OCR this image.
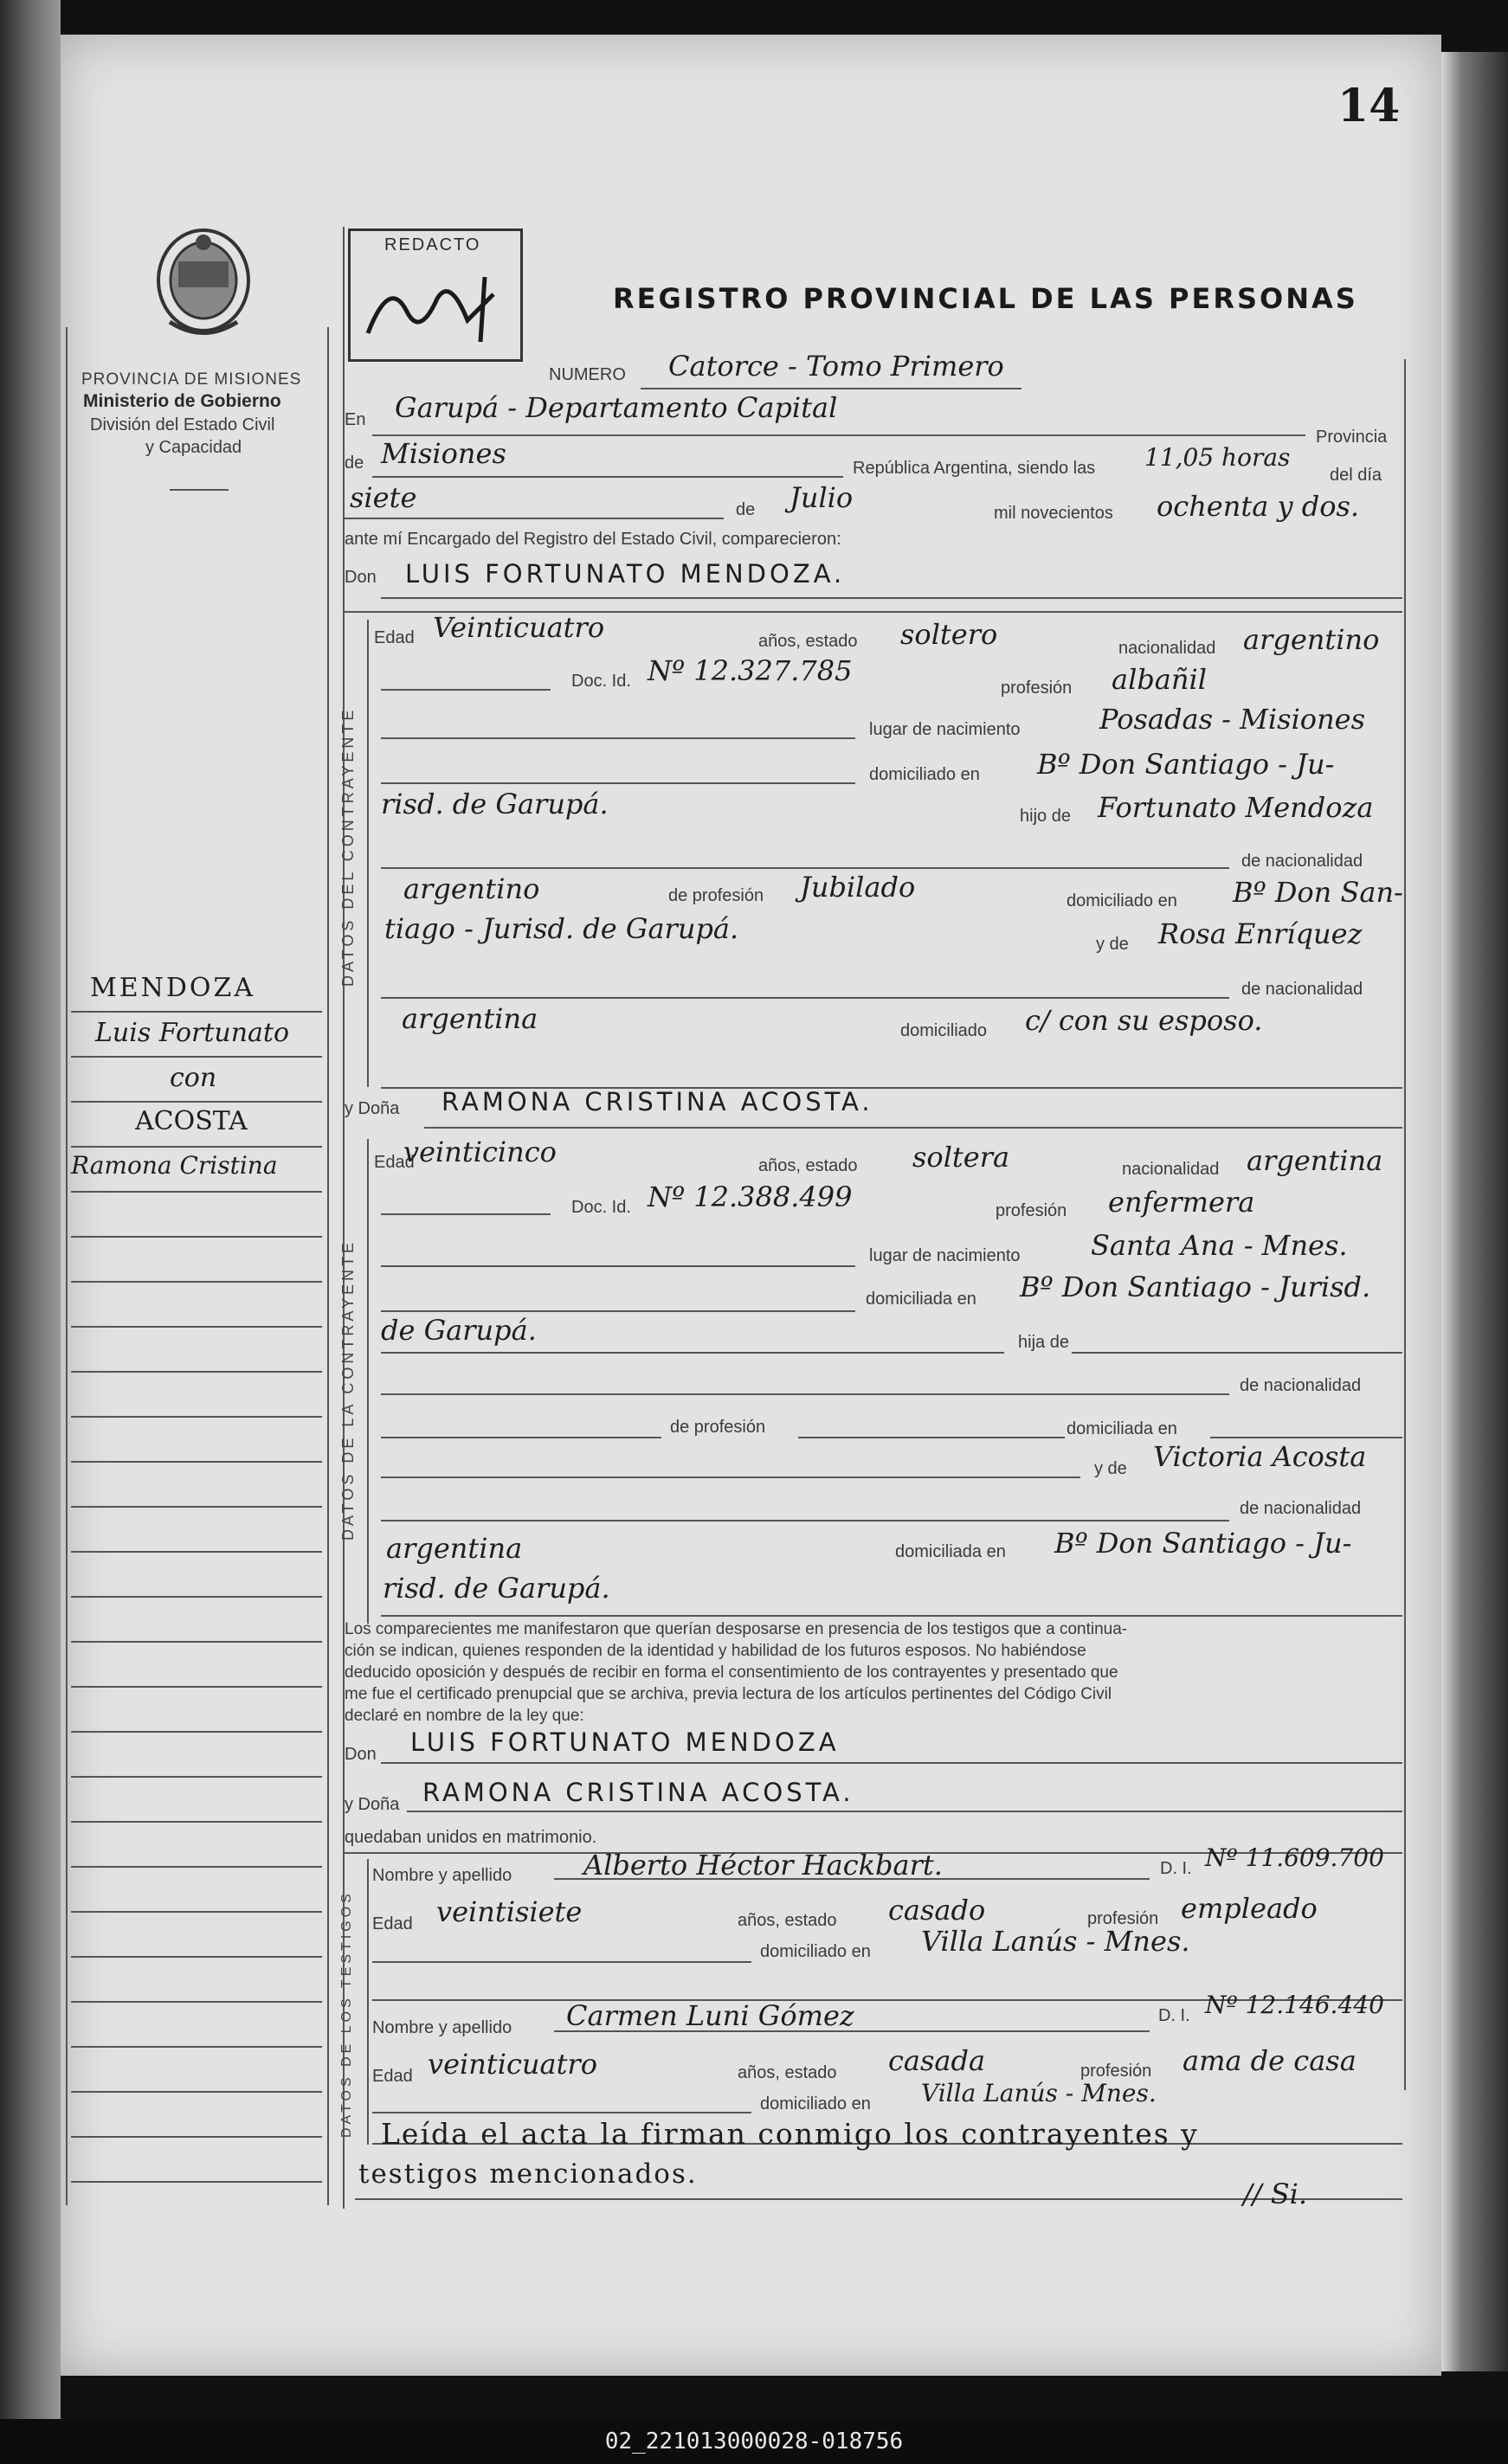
14
PROVINCIA DE MISIONES
Ministerio de Gobierno
División del Estado Civil
y Capacidad
REDACTO
REGISTRO PROVINCIAL DE LAS PERSONAS
MENDOZA
Luis Fortunato
con
ACOSTA
Ramona Cristina
NUMERO Catorce - Tomo Primero
En Garupá - Departamento Capital
Provincia
de Misiones	República Argentina, siendo las 11,05 horas
del día
siete	de Julio	mil novecientos ochenta y dos.
ante mí Encargado del Registro del Estado Civil, comparecieron:
Don LUIS FORTUNATO MENDOZA.
DATOS DEL CONTRAYENTE
Edad Veinticuatro	años, estado soltero	nacionalidad argentino
Doc. Id. Nº 12.327.785
profesión albañil
lugar de nacimiento	Posadas - Misiones
domiciliado en Bº Don Santiago - Ju-
risd. de Garupá.	hijo de Fortunato Mendoza
de nacionalidad
argentino	de profesión Jubilado	domiciliado en Bº Don San-
tiago - Jurisd. de Garupá.	y de Rosa Enríquez
de nacionalidad
argentina	domiciliado c/ con su esposo.
y Doña RAMONA CRISTINA ACOSTA.
DATOS DE LA CONTRAYENTE
Edad
veinticinco	años, estado soltera	nacionalidad argentina
Doc. Id. Nº 12.388.499	profesión enfermera
lugar de nacimiento	Santa Ana - Mnes.
domiciliada en Bº Don Santiago - Jurisd.
de Garupá.	hija de
de nacionalidad
de profesión	domiciliada en
y de Victoria Acosta
de nacionalidad
argentina	domiciliada en Bº Don Santiago - Ju-
risd. de Garupá.
Los comparecientes me manifestaron que querían desposarse en presencia de los testigos que a continua-
ción se indican, quienes responden de la identidad y habilidad de los futuros esposos. No habiéndose
deducido oposición y después de recibir en forma el consentimiento de los contrayentes y presentado que
me fue el certificado prenupcial que se archiva, previa lectura de los artículos pertinentes del Código Civil
declaré en nombre de la ley que:
Don LUIS FORTUNATO MENDOZA
y Doña RAMONA CRISTINA ACOSTA.
quedaban unidos en matrimonio.
DATOS DE LOS TESTIGOS
Nombre y apellido	Alberto Héctor Hackbart.	D. I. Nº 11.609.700
Edad veintisiete	años, estado casado	profesión empleado
domiciliado en Villa Lanús - Mnes.
Nombre y apellido Carmen Luni Gómez	D. I. Nº 12.146.440
Edad veinticuatro	años, estado casada	profesión ama de casa
domiciliado en Villa Lanús - Mnes.
Leída el acta la firman conmigo los contrayentes y
testigos mencionados.
// Si.
02_221013000028-018756
